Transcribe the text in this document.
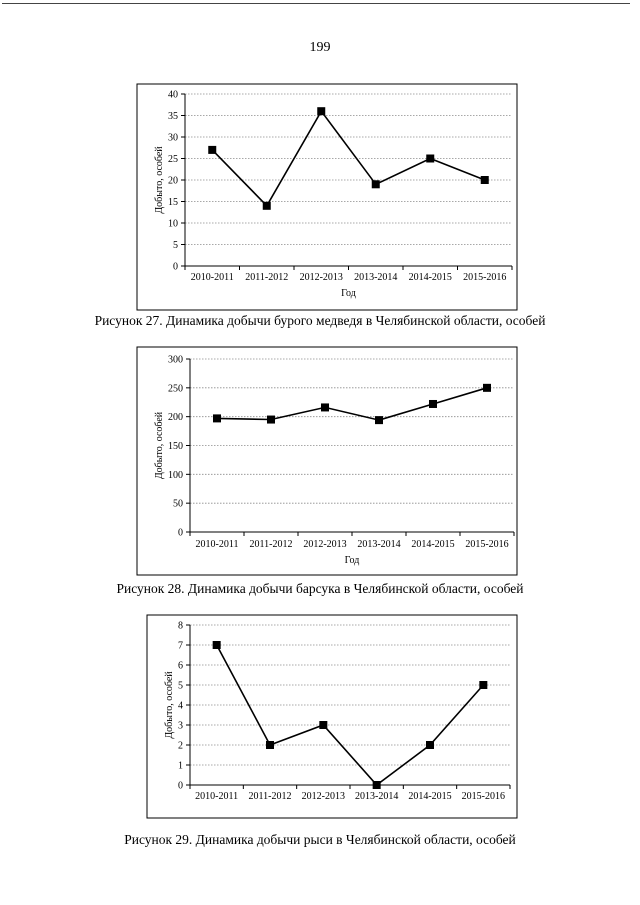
199
0
5
10
15
20
25
30
35
40
2010-2011 2011-2012 2012-2013 2013-2014 2014-2015 2015-2016
Год
Добыто, особей
Рисунок 27. Динамика добычи бурого медведя в Челябинской области, особей
0
50
100
150
200
250
300
2010-2011 2011-2012 2012-2013 2013-2014 2014-2015 2015-2016
Год
Добыто, особей
Рисунок 28. Динамика добычи барсука в Челябинской области, особей
0
1
2
3
4
5
6
7
8
2010-2011 2011-2012 2012-2013 2013-2014 2014-2015 2015-2016
Добыто, особей
Рисунок 29. Динамика добычи рыси в Челябинской области, особей
